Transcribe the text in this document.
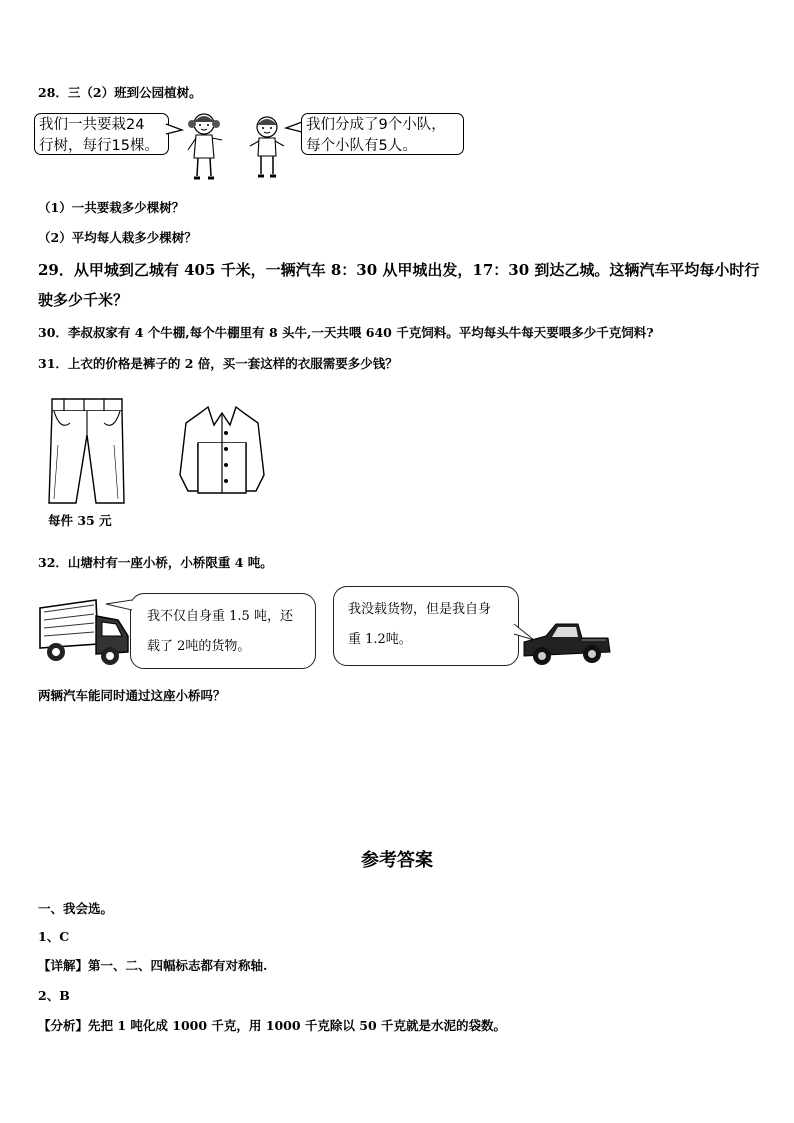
28．三（2）班到公园植树。
我们一共要栽24
行树，每行15棵。
我们分成了9个小队，
每个小队有5人。
（1）一共要栽多少棵树？
（2）平均每人栽多少棵树？
29．从甲城到乙城有 405 千米，一辆汽车 8：30 从甲城出发，17：30 到达乙城。这辆汽车平均每小时行
驶多少千米？
30．李叔叔家有 4 个牛棚,每个牛棚里有 8 头牛,一天共喂 640 千克饲料。平均每头牛每天要喂多少千克饲料?
31．上衣的价格是裤子的 2 倍，买一套这样的衣服需要多少钱？
每件 35 元
32．山塘村有一座小桥，小桥限重 4 吨。
我不仅自身重 1.5 吨，还
载了 2吨的货物。
我没载货物，但是我自身
重 1.2吨。
两辆汽车能同时通过这座小桥吗？
参考答案
一、我会选。
1、C
【详解】第一、二、四幅标志都有对称轴.
2、B
【分析】先把 1 吨化成 1000 千克，用 1000 千克除以 50 千克就是水泥的袋数。
